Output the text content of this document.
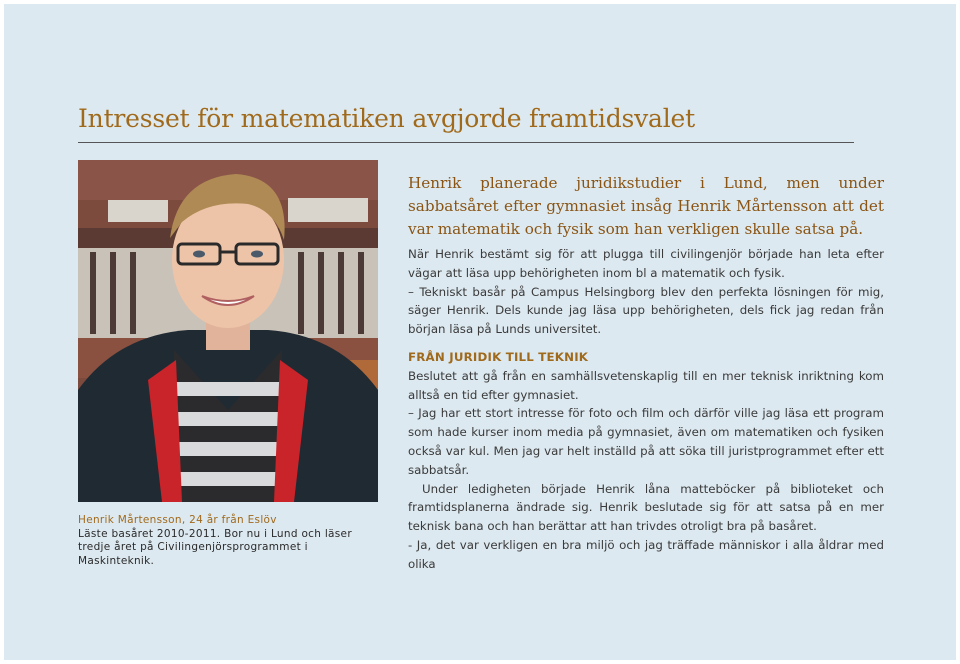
Intresset för matematiken avgjorde framtidsvalet
Henrik Mårtensson, 24 år från Eslöv
Läste basåret 2010-2011. Bor nu i Lund och läser tredje året på Civilingenjörsprogrammet i Maskinteknik.

Henrik planerade juridikstudier i Lund, men under sabbatsåret efter gymnasiet insåg Henrik Mårtensson att det var matematik och fysik som han verkligen skulle satsa på.

När Henrik bestämt sig för att plugga till civilingenjör började han leta efter vägar att läsa upp behörigheten inom bl a matematik och fysik.

– Tekniskt basår på Campus Helsingborg blev den perfekta lösningen för mig, säger Henrik. Dels kunde jag läsa upp behörigheten, dels fick jag redan från början läsa på Lunds universitet.

FRÅN JURIDIK TILL TEKNIK

Beslutet att gå från en samhällsvetenskaplig till en mer teknisk inriktning kom alltså en tid efter gymnasiet.

– Jag har ett stort intresse för foto och film och därför ville jag läsa ett program som hade kurser inom media på gymnasiet, även om matematiken och fysiken också var kul. Men jag var helt inställd på att söka till juristprogrammet efter ett sabbatsår.

Under ledigheten började Henrik låna matteböcker på biblioteket och framtidsplanerna ändrade sig. Henrik beslutade sig för att satsa på en mer teknisk bana och han berättar att han trivdes otroligt bra på basåret.

- Ja, det var verkligen en bra miljö och jag träffade människor i alla åldrar med olika
